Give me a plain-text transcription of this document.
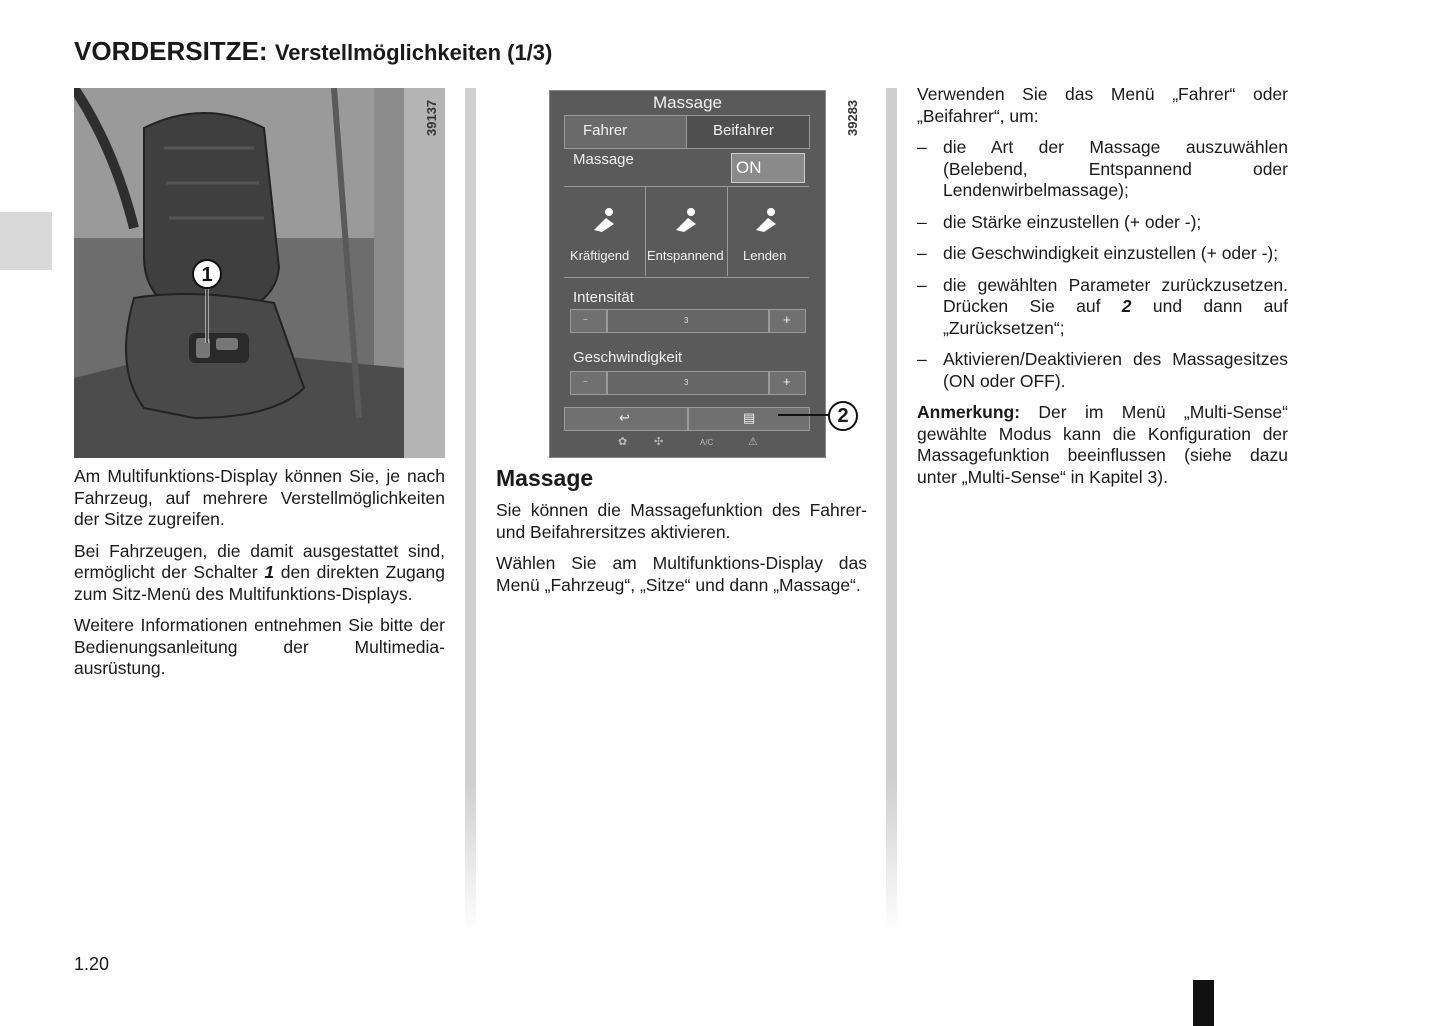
VORDERSITZE: Verstellmöglichkeiten (1/3)
1
39137	Massage
Fahrer	Beifahrer
Massage	ON
Kräftigend Entspannend Lenden
Intensität
−	3	+
Geschwindigkeit
−	3	+
↩	▤
✿ ✣	A/C	⚠
2
39283

Am Multifunktions-Display können Sie, je nach Fahrzeug, auf mehrere Verstellmöglichkeiten der Sitze zugreifen.

Bei Fahrzeugen, die damit ausgestattet sind, ermöglicht der Schalter 1 den direkten Zugang zum Sitz-Menü des Multifunktions-Displays.

Weitere Informationen entnehmen Sie bitte der Bedienungsanleitung der Multimedia-ausrüstung.

Massage

Sie können die Massagefunktion des Fahrer- und Beifahrersitzes aktivieren.

Wählen Sie am Multifunktions-Display das Menü „Fahrzeug“, „Sitze“ und dann „Massage“.

Verwenden Sie das Menü „Fahrer“ oder „Beifahrer“, um:

– die Art der Massage auszuwählen (Belebend, Entspannend oder Lendenwirbelmassage);
– die Stärke einzustellen (+ oder -);
– die Geschwindigkeit einzustellen (+ oder -);
– die gewählten Parameter zurückzusetzen. Drücken Sie auf 2 und dann auf „Zurücksetzen“;
– Aktivieren/Deaktivieren des Massagesitzes (ON oder OFF).

Anmerkung: Der im Menü „Multi-Sense“ gewählte Modus kann die Konfiguration der Massagefunktion beeinflussen (siehe dazu unter „Multi-Sense“ in Kapitel 3).

1.20
